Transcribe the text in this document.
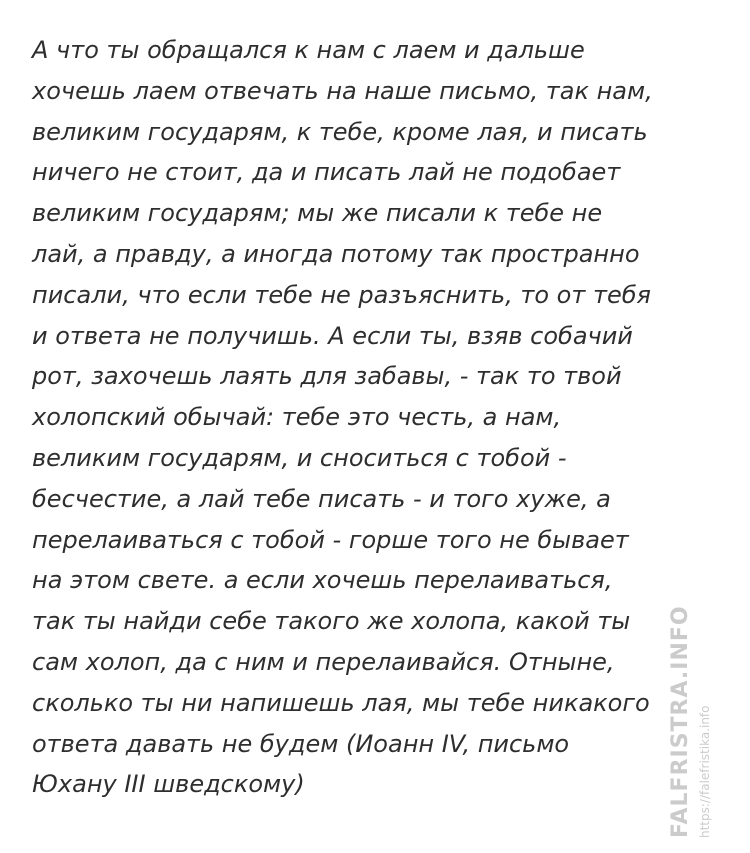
А что ты обращался к нам с лаем и дальше
хочешь лаем отвечать на наше письмо, так нам,
великим государям, к тебе, кроме лая, и писать
ничего не стоит, да и писать лай не подобает
великим государям; мы же писали к тебе не
лай, а правду, а иногда потому так пространно
писали, что если тебе не разъяснить, то от тебя
и ответа не получишь. А если ты, взяв собачий
рот, захочешь лаять для забавы, - так то твой
холопский обычай: тебе это честь, а нам,
великим государям, и сноситься с тобой -
бесчестие, а лай тебе писать - и того хуже, а
перелаиваться с тобой - горше того не бывает
на этом свете. а если хочешь перелаиваться,
так ты найди себе такого же холопа, какой ты
сам холоп, да с ним и перелаивайся. Отныне,
сколько ты ни напишешь лая, мы тебе никакого
ответа давать не будем (Иоанн IV, письмо
Юхану III шведскому)	FALFRISTRA.INFO https://falefristika.info
